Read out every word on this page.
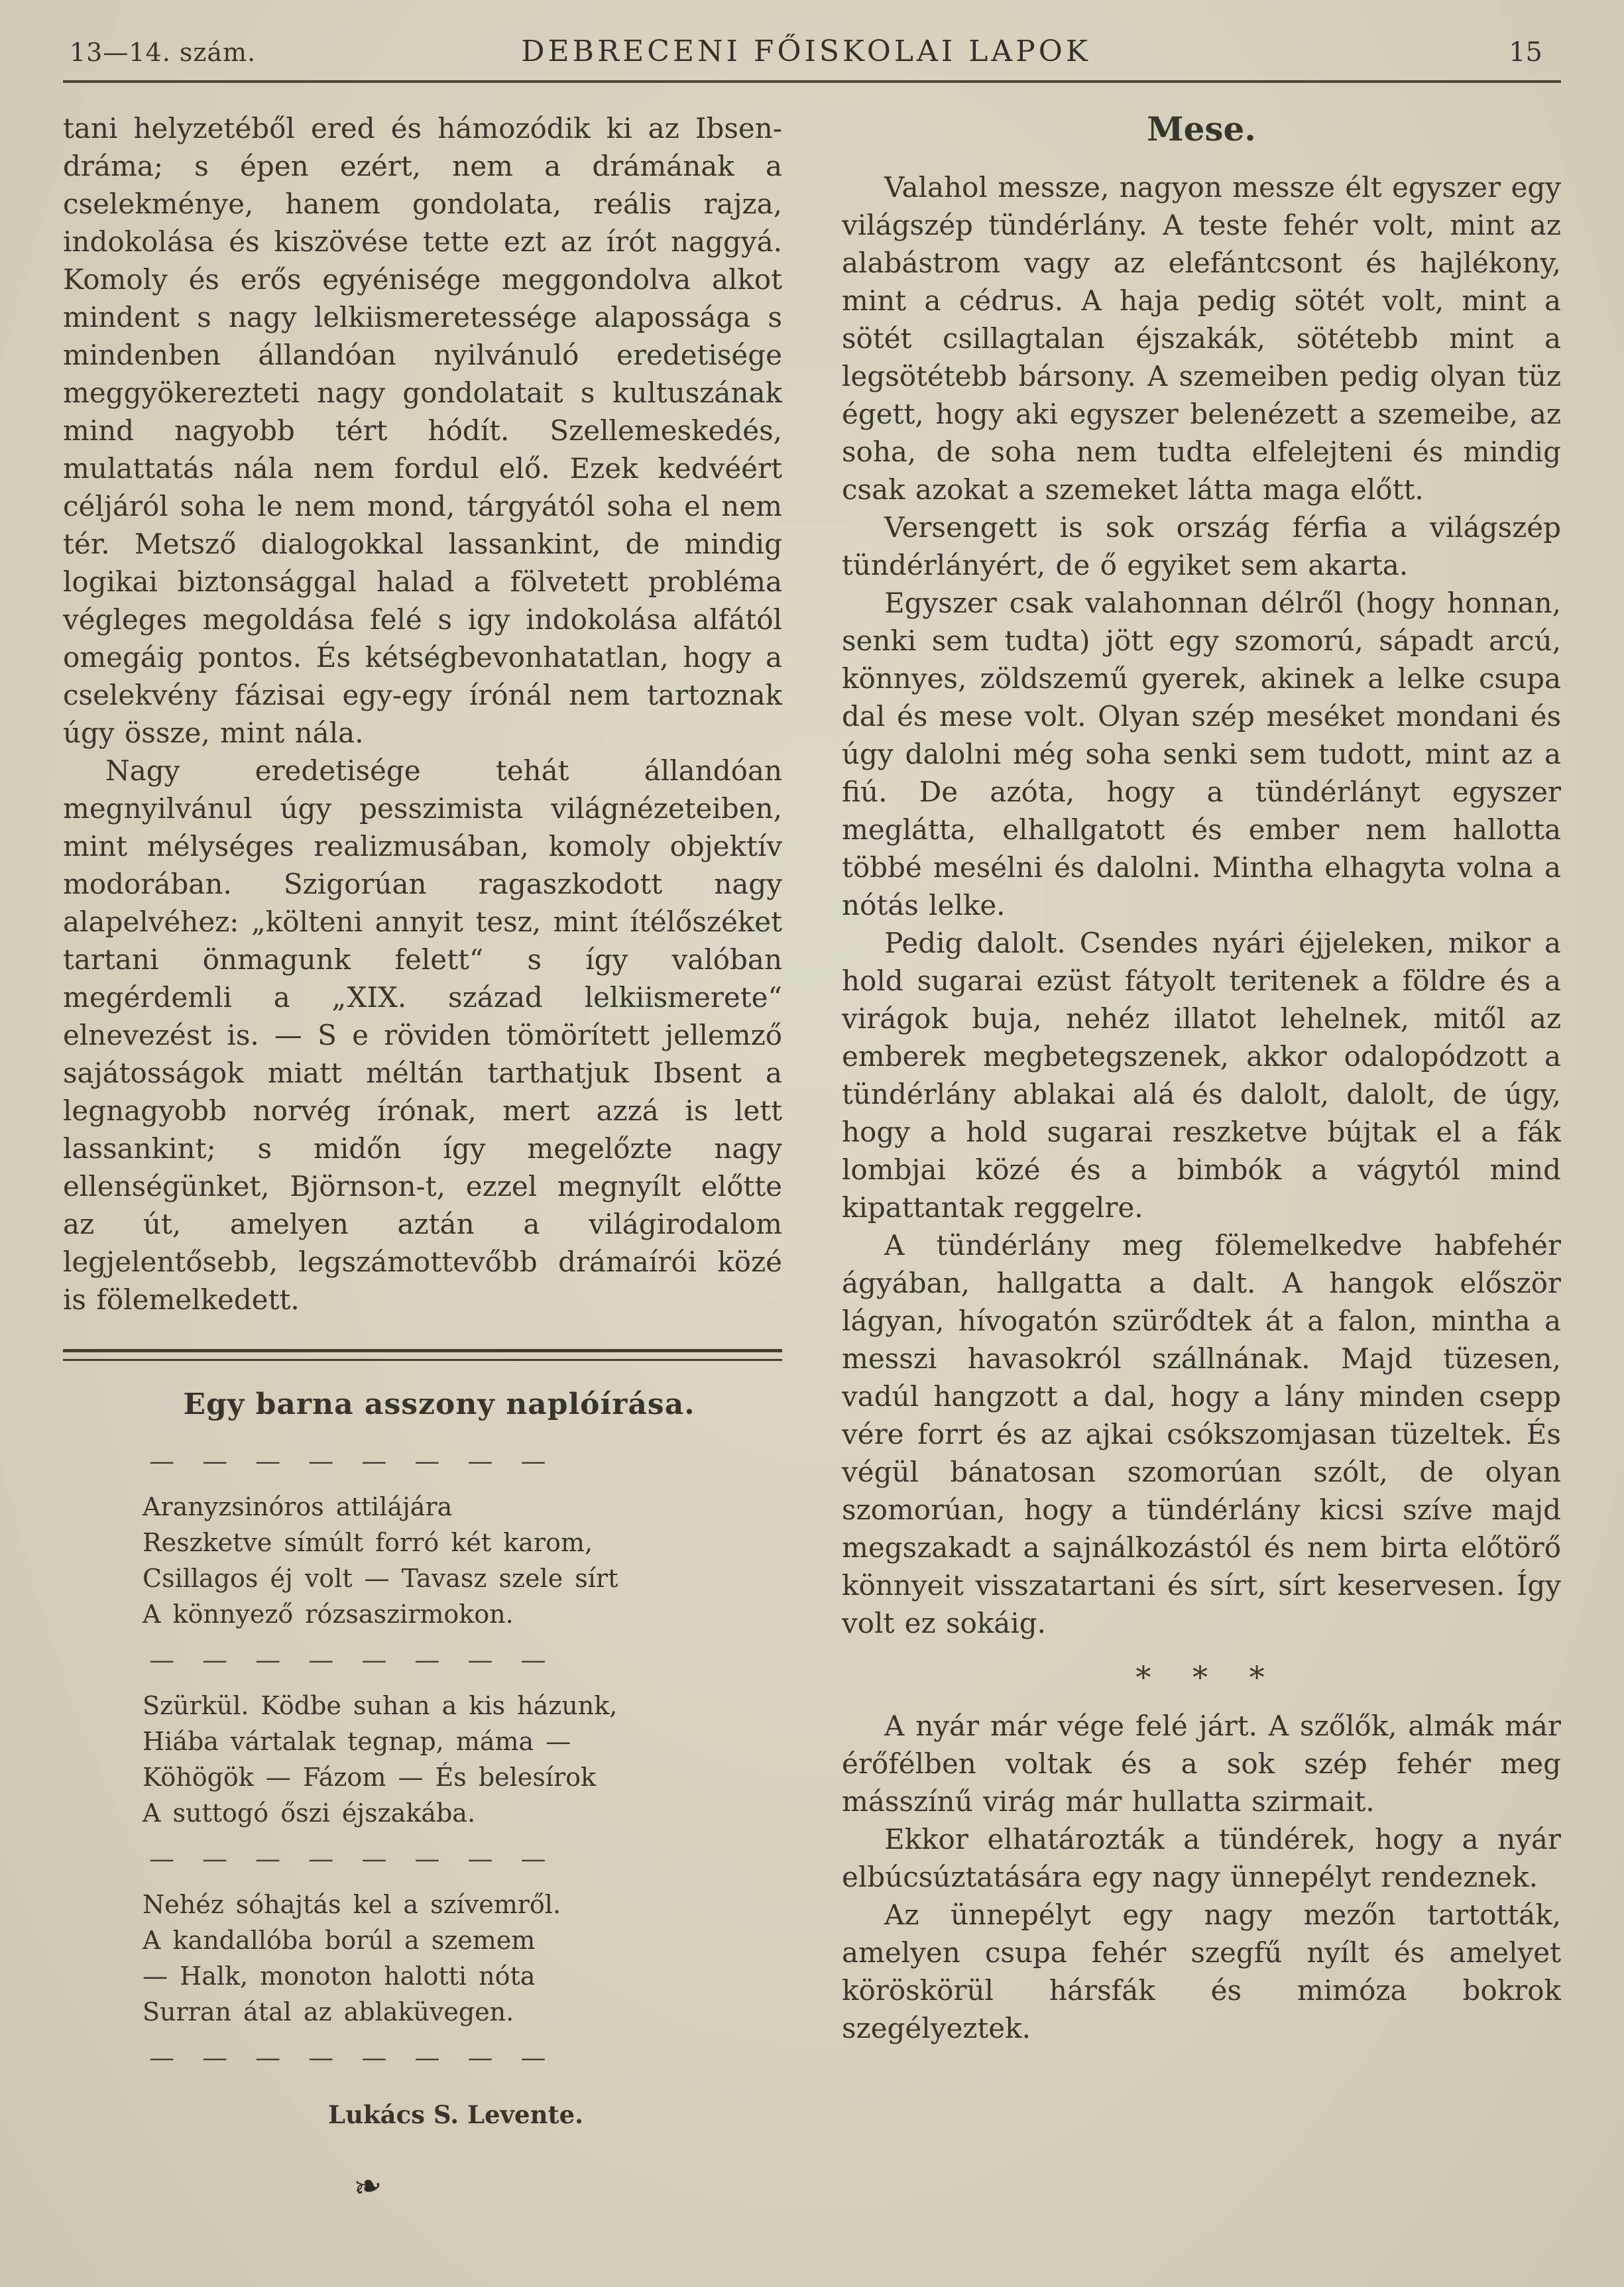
13—14. szám.	DEBRECENI FŐISKOLAI LAPOK	15

tani helyzetéből ered és hámozódik ki az Ibsen-dráma; s épen ezért, nem a drámának a cselekménye, hanem gondolata, reális rajza, indokolása és kiszövése tette ezt az írót naggyá. Komoly és erős egyénisége meggondolva alkot mindent s nagy lelkiismeretessége alapossága s mindenben állandóan nyilvánuló eredetisége meggyökerezteti nagy gondolatait s kultuszának mind nagyobb tért hódít. Szellemeskedés, mulattatás nála nem fordul elő. Ezek kedvéért céljáról soha le nem mond, tárgyától soha el nem tér. Metsző dialogokkal lassankint, de mindig logikai biztonsággal halad a fölvetett probléma végleges megoldása felé s igy indokolása alfától omegáig pontos. És kétségbevonhatatlan, hogy a cselekvény fázisai egy-egy írónál nem tartoznak úgy össze, mint nála.

Nagy eredetisége tehát állandóan megnyilvánul úgy pesszimista világnézeteiben, mint mélységes realizmusában, komoly objektív modorában. Szigorúan ragaszkodott nagy alapelvéhez: „költeni annyit tesz, mint ítélőszéket tartani önmagunk felett“ s így valóban megérdemli a „XIX. század lelkiismerete“ elnevezést is. — S e röviden tömörített jellemző sajátosságok miatt méltán tarthatjuk Ibsent a legnagyobb norvég írónak, mert azzá is lett lassankint; s midőn így megelőzte nagy ellenségünket, Björnson-t, ezzel megnyílt előtte az út, amelyen aztán a világirodalom legjelentősebb, legszámottevőbb drámaírói közé is fölemelkedett.

Egy barna asszony naplóírása.
— — — — — — — —
Aranyzsinóros attilájára
Reszketve símúlt forró két karom,
Csillagos éj volt — Tavasz szele sírt
A könnyező rózsaszirmokon.
— — — — — — — —
Szürkül. Ködbe suhan a kis házunk,
Hiába vártalak tegnap, máma —
Köhögök — Fázom — És belesírok
A suttogó őszi éjszakába.
— — — — — — — —
Nehéz sóhajtás kel a szívemről.
A kandallóba borúl a szemem
— Halk, monoton halotti nóta
Surran átal az ablaküvegen.
— — — — — — — —
Lukács S. Levente.
❧
Mese.

Valahol messze, nagyon messze élt egyszer egy világszép tündérlány. A teste fehér volt, mint az alabástrom vagy az elefántcsont és hajlékony, mint a cédrus. A haja pedig sötét volt, mint a sötét csillagtalan éjszakák, sötétebb mint a legsötétebb bársony. A szemeiben pedig olyan tüz égett, hogy aki egyszer belenézett a szemeibe, az soha, de soha nem tudta elfelejteni és mindig csak azokat a szemeket látta maga előtt.

Versengett is sok ország férfia a világszép tündérlányért, de ő egyiket sem akarta.

Egyszer csak valahonnan délről (hogy honnan, senki sem tudta) jött egy szomorú, sápadt arcú, könnyes, zöldszemű gyerek, akinek a lelke csupa dal és mese volt. Olyan szép meséket mondani és úgy dalolni még soha senki sem tudott, mint az a fiú. De azóta, hogy a tündérlányt egyszer meglátta, elhallgatott és ember nem hallotta többé mesélni és dalolni. Mintha elhagyta volna a nótás lelke.

Pedig dalolt. Csendes nyári éjjeleken, mikor a hold sugarai ezüst fátyolt teritenek a földre és a virágok buja, nehéz illatot lehelnek, mitől az emberek megbetegszenek, akkor odalopódzott a tündérlány ablakai alá és dalolt, dalolt, de úgy, hogy a hold sugarai reszketve bújtak el a fák lombjai közé és a bimbók a vágytól mind kipattantak reggelre.

A tündérlány meg fölemelkedve habfehér ágyában, hallgatta a dalt. A hangok először lágyan, hívogatón szürődtek át a falon, mintha a messzi havasokról szállnának. Majd tüzesen, vadúl hangzott a dal, hogy a lány minden csepp vére forrt és az ajkai csókszomjasan tüzeltek. És végül bánatosan szomorúan szólt, de olyan szomorúan, hogy a tündérlány kicsi szíve majd megszakadt a sajnálkozástól és nem birta előtörő könnyeit visszatartani és sírt, sírt keservesen. Így volt ez sokáig.

* * *

A nyár már vége felé járt. A szőlők, almák már érőfélben voltak és a sok szép fehér meg másszínű virág már hullatta szirmait.

Ekkor elhatározták a tündérek, hogy a nyár elbúcsúztatására egy nagy ünnepélyt rendeznek.

Az ünnepélyt egy nagy mezőn tartották, amelyen csupa fehér szegfű nyílt és amelyet köröskörül hársfák és mimóza bokrok szegélyeztek.
